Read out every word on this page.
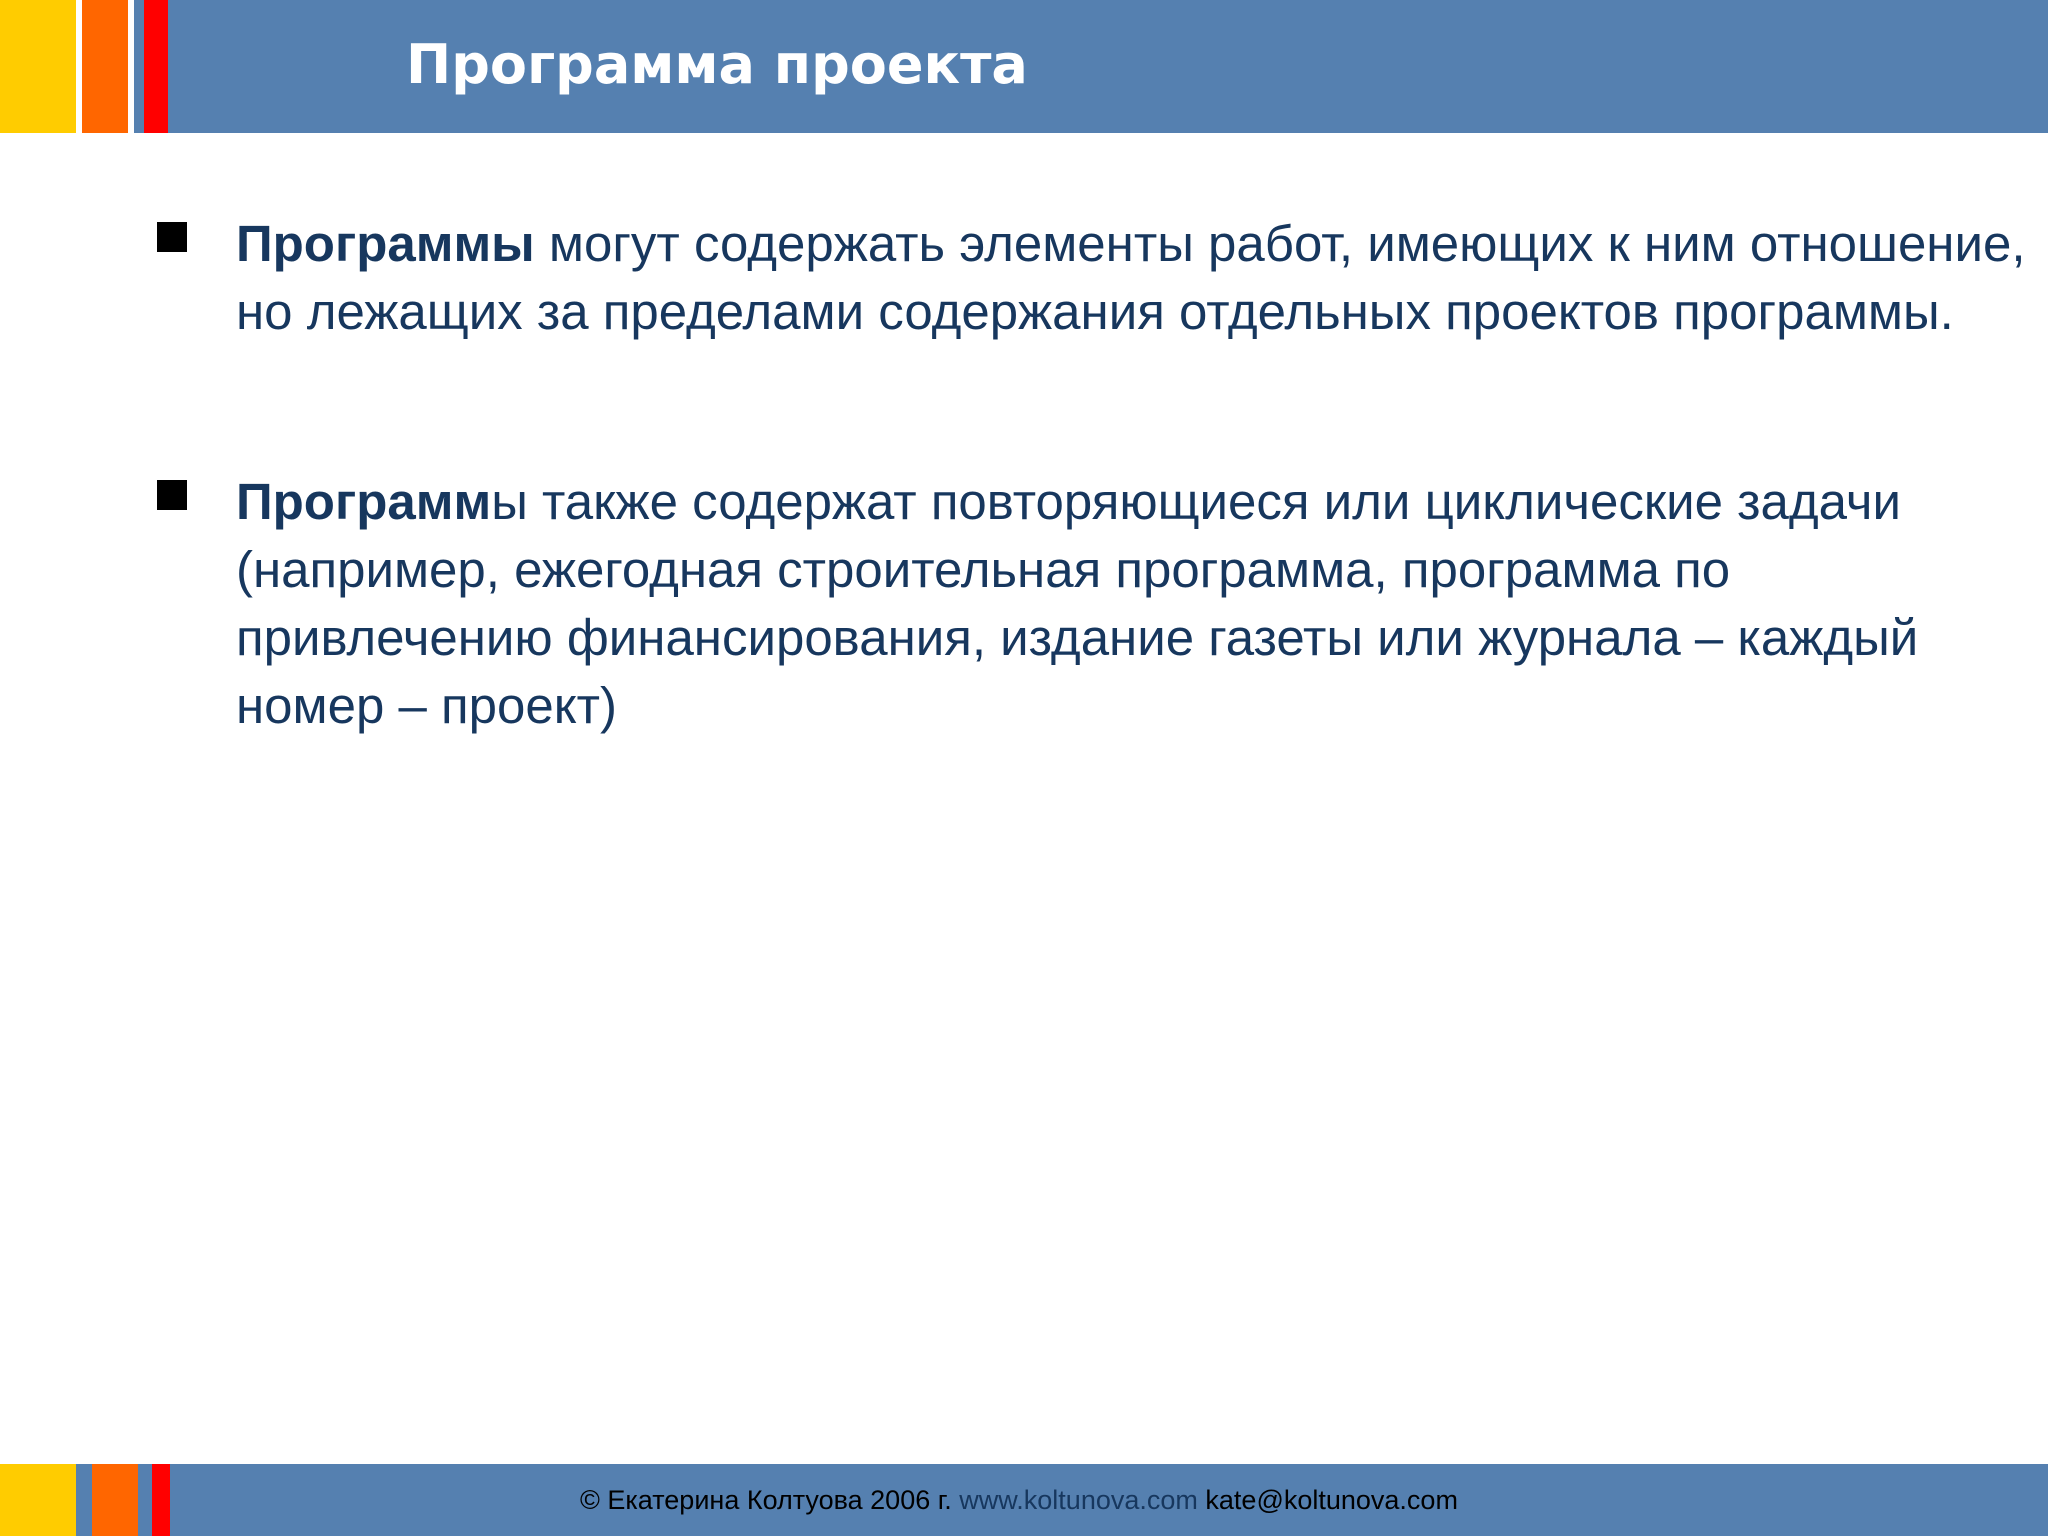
Программа проекта
Программы могут содержать элементы работ, имеющих к ним отношение, но лежащих за пределами содержания отдельных проектов программы.
Программы также содержат повторяющиеся или циклические задачи (например, ежегодная строительная программа, программа по привлечению финансирования, издание газеты или журнала – каждый номер – проект)
© Екатерина Колтуова 2006 г. www.koltunova.com kate@koltunova.com
